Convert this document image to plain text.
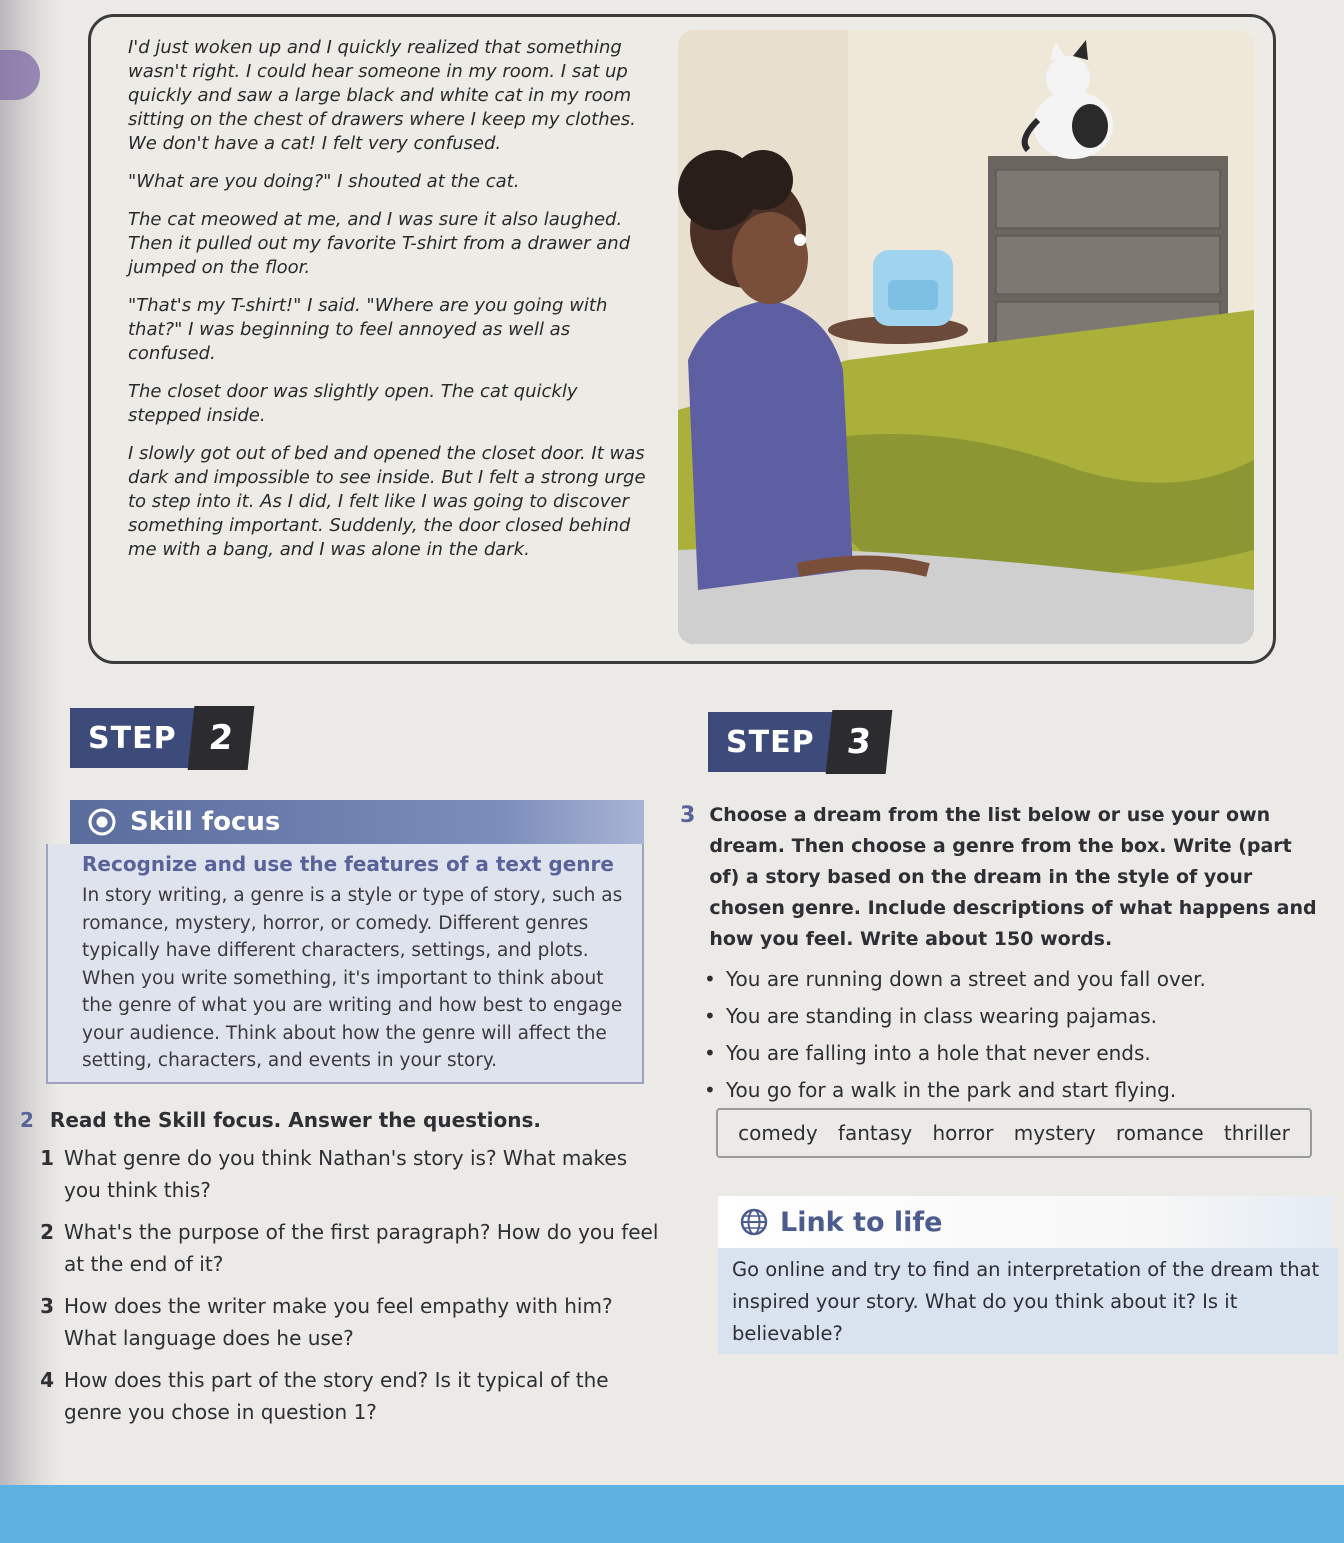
I'd just woken up and I quickly realized that something wasn't right. I could hear someone in my room. I sat up quickly and saw a large black and white cat in my room sitting on the chest of drawers where I keep my clothes. We don't have a cat! I felt very confused.

"What are you doing?" I shouted at the cat.

The cat meowed at me, and I was sure it also laughed. Then it pulled out my favorite T-shirt from a drawer and jumped on the floor.

"That's my T-shirt!" I said. "Where are you going with that?" I was beginning to feel annoyed as well as confused.

The closet door was slightly open. The cat quickly stepped inside.

I slowly got out of bed and opened the closet door. It was dark and impossible to see inside. But I felt a strong urge to step into it. As I did, I felt like I was going to discover something important. Suddenly, the door closed behind me with a bang, and I was alone in the dark.

STEP 2	STEP 3
Skill focus

Recognize and use the features of a text genre

In story writing, a genre is a style or type of story, such as romance, mystery, horror, or comedy. Different genres typically have different characters, settings, and plots. When you write something, it's important to think about the genre of what you are writing and how best to engage your audience. Think about how the genre will affect the setting, characters, and events in your story.

2 Read the Skill focus. Answer the questions.
1 What genre do you think Nathan's story is? What makes you think this?
2 What's the purpose of the first paragraph? How do you feel at the end of it?
3 How does the writer make you feel empathy with him? What language does he use?
4 How does this part of the story end? Is it typical of the genre you chose in question 1?
3 Choose a dream from the list below or use your own dream. Then choose a genre from the box. Write (part of) a story based on the dream in the style of your chosen genre. Include descriptions of what happens and how you feel. Write about 150 words.
• You are running down a street and you fall over.
• You are standing in class wearing pajamas.
• You are falling into a hole that never ends.
• You go for a walk in the park and start flying.
comedy fantasy horror mystery romance thriller
Link to life
Go online and try to find an interpretation of the dream that inspired your story. What do you think about it? Is it believable?
